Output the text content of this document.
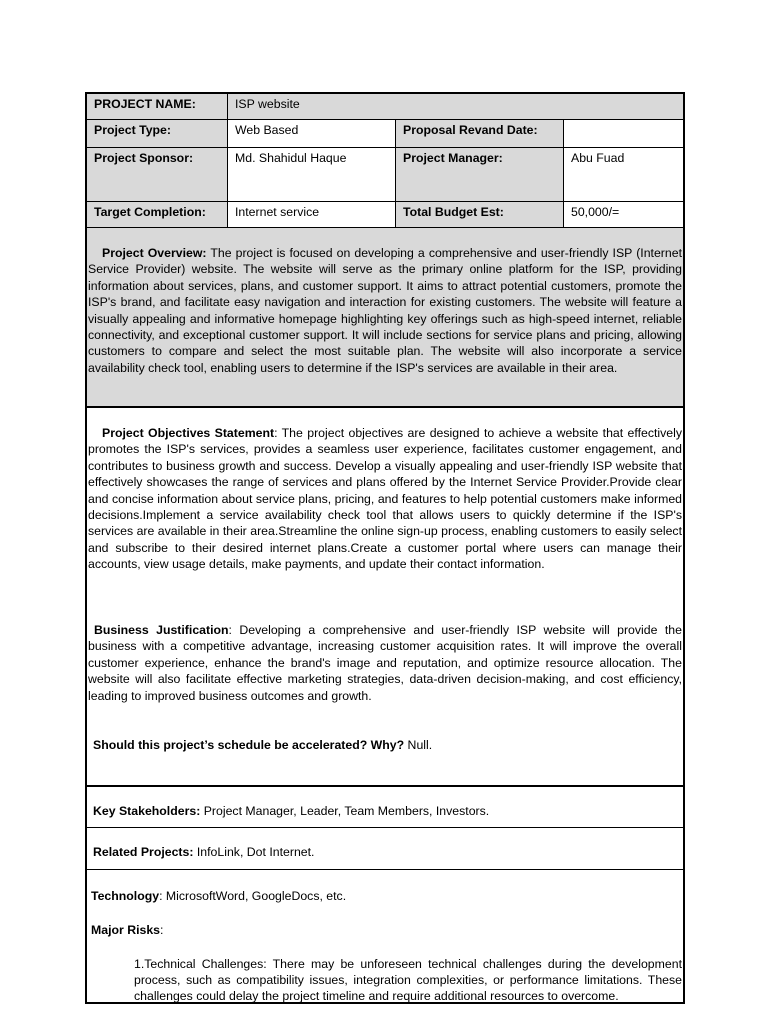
PROJECT NAME:	ISP website
Project Type:	Web Based	Proposal Revand Date:
Project Sponsor:	Md. Shahidul Haque	Project Manager:	Abu Fuad
Target Completion:	Internet service	Total Budget Est:	50,000/=
Project Overview: The project is focused on developing a comprehensive and user-friendly ISP (Internet Service Provider) website. The website will serve as the primary online platform for the ISP, providing information about services, plans, and customer support. It aims to attract potential customers, promote the ISP's brand, and facilitate easy navigation and interaction for existing customers. The website will feature a visually appealing and informative homepage highlighting key offerings such as high-speed internet, reliable connectivity, and exceptional customer support. It will include sections for service plans and pricing, allowing customers to compare and select the most suitable plan. The website will also incorporate a service availability check tool, enabling users to determine if the ISP's services are available in their area.
Project Objectives Statement: The project objectives are designed to achieve a website that effectively promotes the ISP's services, provides a seamless user experience, facilitates customer engagement, and contributes to business growth and success. Develop a visually appealing and user-friendly ISP website that effectively showcases the range of services and plans offered by the Internet Service Provider.Provide clear and concise information about service plans, pricing, and features to help potential customers make informed decisions.Implement a service availability check tool that allows users to quickly determine if the ISP's services are available in their area.Streamline the online sign-up process, enabling customers to easily select and subscribe to their desired internet plans.Create a customer portal where users can manage their accounts, view usage details, make payments, and update their contact information.
Business Justification: Developing a comprehensive and user-friendly ISP website will provide the business with a competitive advantage, increasing customer acquisition rates. It will improve the overall customer experience, enhance the brand's image and reputation, and optimize resource allocation. The website will also facilitate effective marketing strategies, data-driven decision-making, and cost efficiency, leading to improved business outcomes and growth.
Should this project’s schedule be accelerated? Why? Null.
Key Stakeholders: Project Manager, Leader, Team Members, Investors.
Related Projects: InfoLink, Dot Internet.
Technology: MicrosoftWord, GoogleDocs, etc.
Major Risks:
1.Technical Challenges: There may be unforeseen technical challenges during the development process, such as compatibility issues, integration complexities, or performance limitations. These challenges could delay the project timeline and require additional resources to overcome.
